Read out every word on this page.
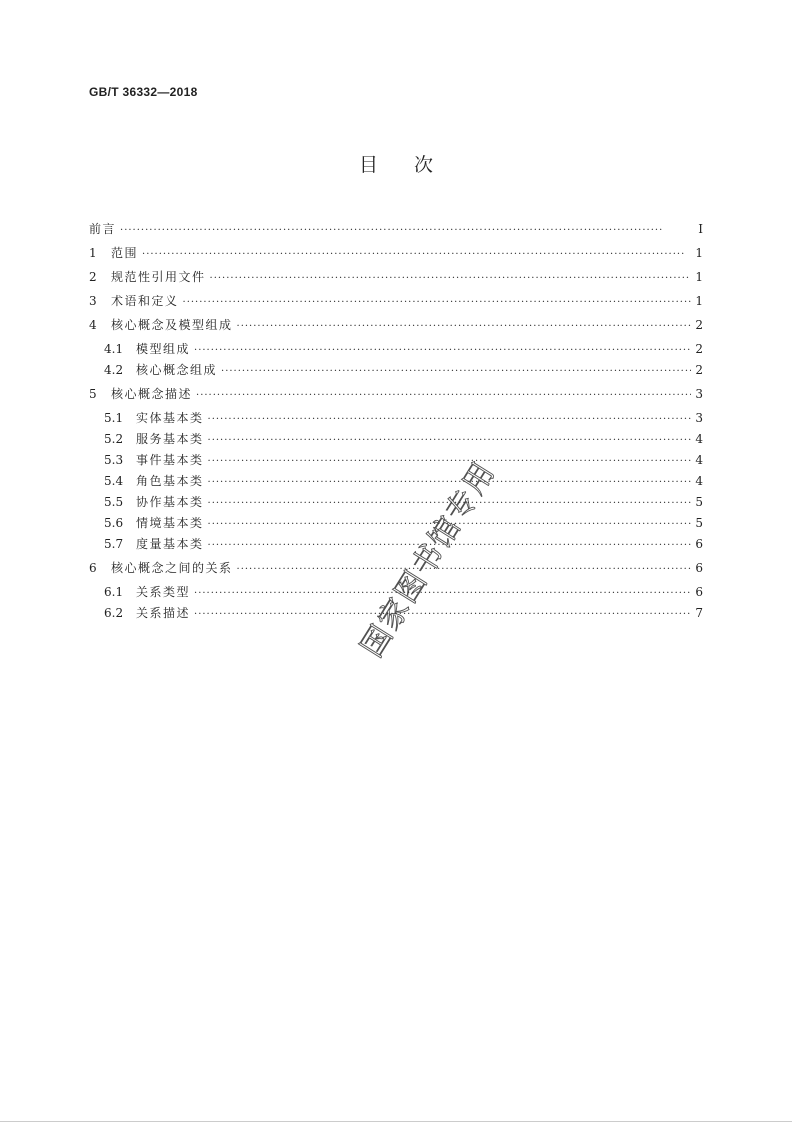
GB/T 36332—2018
目次
前言 ·····	Ⅰ
1	范围 ·····	1
2	规范性引用文件 ·····	1
3	术语和定义 ·····	1
4	核心概念及模型组成 ·····	2
4.1	模型组成 ·····	2
4.2	核心概念组成 ·····	2
5	核心概念描述 ·····	3
5.1	实体基本类 ·····	3
5.2	服务基本类 ·····	4
5.3	事件基本类 ·····	4
5.4	角色基本类 ·····	4
5.5	协作基本类 ·····	5
5.6	情境基本类 ·····	5
5.7	度量基本类 ·····	6
6	核心概念之间的关系 ·····	6
6.1	关系类型 ·····	6
6.2	关系描述 ·····	7
国家图书馆专用
